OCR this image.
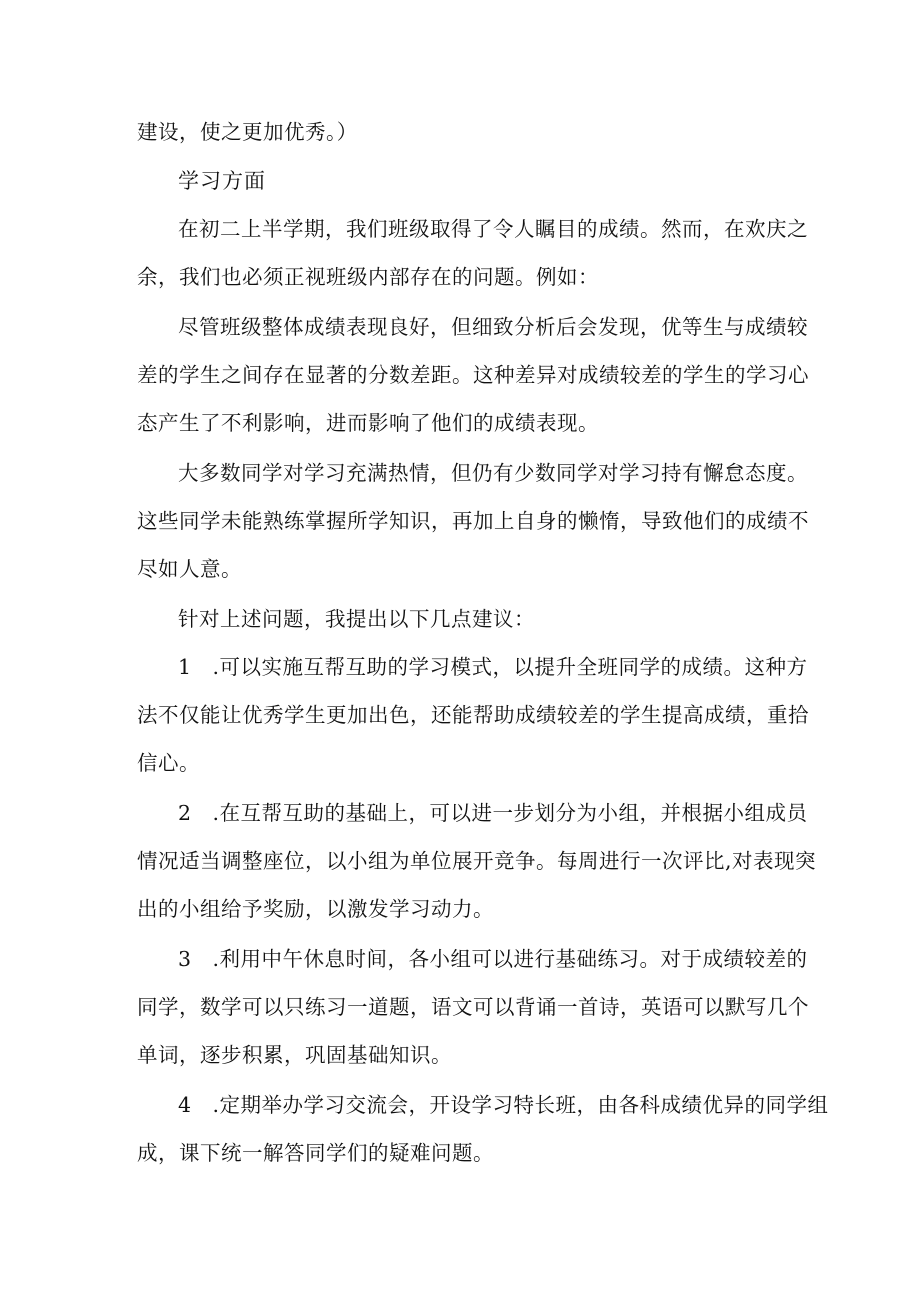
建设，使之更加优秀。）
学习方面
在初二上半学期，我们班级取得了令人瞩目的成绩。然而，在欢庆之
余，我们也必须正视班级内部存在的问题。例如：
尽管班级整体成绩表现良好，但细致分析后会发现，优等生与成绩较
差的学生之间存在显著的分数差距。这种差异对成绩较差的学生的学习心
态产生了不利影响，进而影响了他们的成绩表现。
大多数同学对学习充满热情，但仍有少数同学对学习持有懈怠态度。
这些同学未能熟练掌握所学知识，再加上自身的懒惰，导致他们的成绩不
尽如人意。
针对上述问题，我提出以下几点建议：
1　.可以实施互帮互助的学习模式，以提升全班同学的成绩。这种方
法不仅能让优秀学生更加出色，还能帮助成绩较差的学生提高成绩，重拾
信心。
2　.在互帮互助的基础上，可以进一步划分为小组，并根据小组成员
情况适当调整座位，以小组为单位展开竞争。每周进行一次评比,对表现突
出的小组给予奖励，以激发学习动力。
3　.利用中午休息时间，各小组可以进行基础练习。对于成绩较差的
同学，数学可以只练习一道题，语文可以背诵一首诗，英语可以默写几个
单词，逐步积累，巩固基础知识。
4　.定期举办学习交流会，开设学习特长班，由各科成绩优异的同学组
成，课下统一解答同学们的疑难问题。
